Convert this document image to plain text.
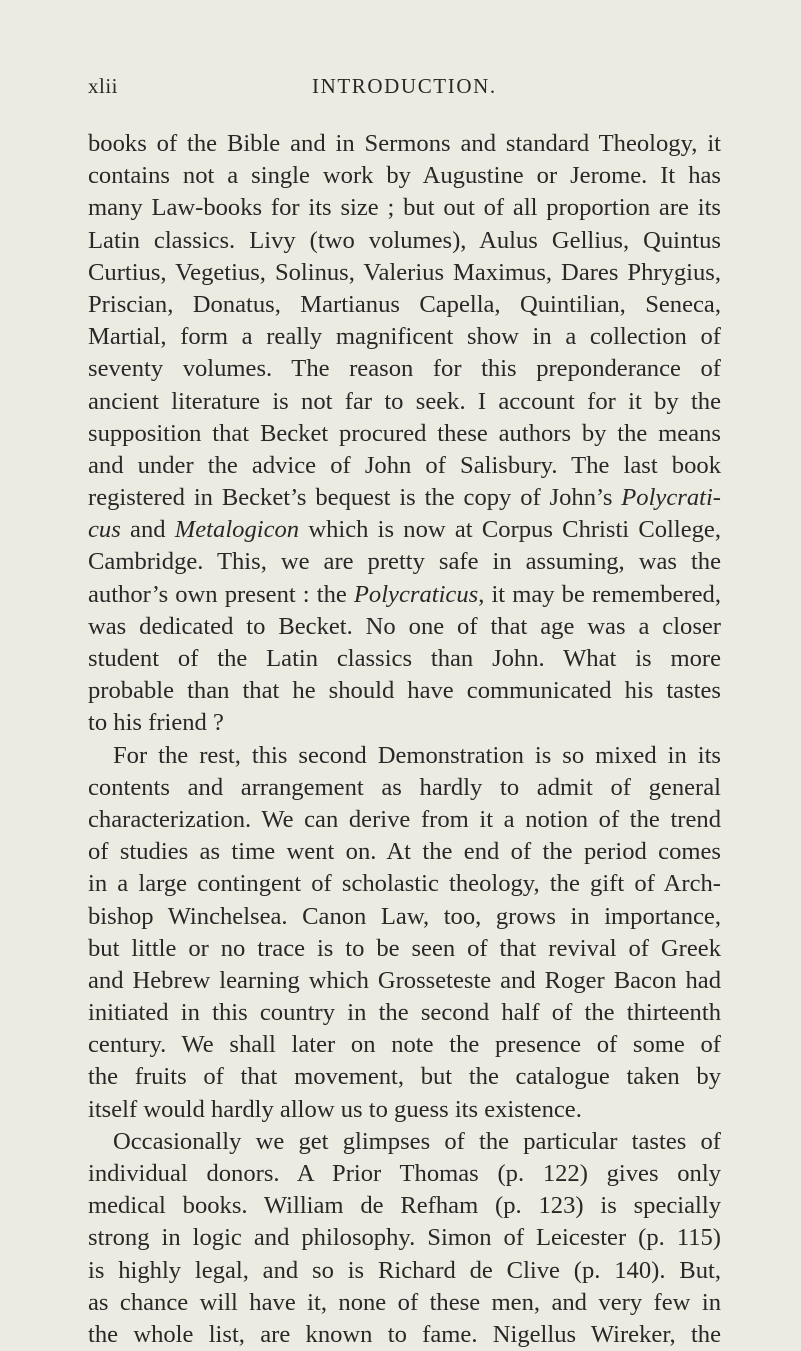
xlii	INTRODUCTION.
books of the Bible and in Sermons and standard Theology, it
contains not a single work by Augustine or Jerome. It has
many Law-books for its size ; but out of all proportion are its
Latin classics. Livy (two volumes), Aulus Gellius, Quintus
Curtius, Vegetius, Solinus, Valerius Maximus, Dares Phrygius,
Priscian, Donatus, Martianus Capella, Quintilian, Seneca,
Martial, form a really magnificent show in a collection of
seventy volumes. The reason for this preponderance of
ancient literature is not far to seek. I account for it by the
supposition that Becket procured these authors by the means
and under the advice of John of Salisbury. The last book
registered in Becket’s bequest is the copy of John’s Polycrati-
cus and Metalogicon which is now at Corpus Christi College,
Cambridge. This, we are pretty safe in assuming, was the
author’s own present : the Polycraticus, it may be remembered,
was dedicated to Becket. No one of that age was a closer
student of the Latin classics than John. What is more
probable than that he should have communicated his tastes
to his friend ?
For the rest, this second Demonstration is so mixed in its
contents and arrangement as hardly to admit of general
characterization. We can derive from it a notion of the trend
of studies as time went on. At the end of the period comes
in a large contingent of scholastic theology, the gift of Arch-
bishop Winchelsea. Canon Law, too, grows in importance,
but little or no trace is to be seen of that revival of Greek
and Hebrew learning which Grosseteste and Roger Bacon had
initiated in this country in the second half of the thirteenth
century. We shall later on note the presence of some of
the fruits of that movement, but the catalogue taken by
itself would hardly allow us to guess its existence.
Occasionally we get glimpses of the particular tastes of
individual donors. A Prior Thomas (p. 122) gives only
medical books. William de Refham (p. 123) is specially
strong in logic and philosophy. Simon of Leicester (p. 115)
is highly legal, and so is Richard de Clive (p. 140). But,
as chance will have it, none of these men, and very few in
the whole list, are known to fame. Nigellus Wireker, the
